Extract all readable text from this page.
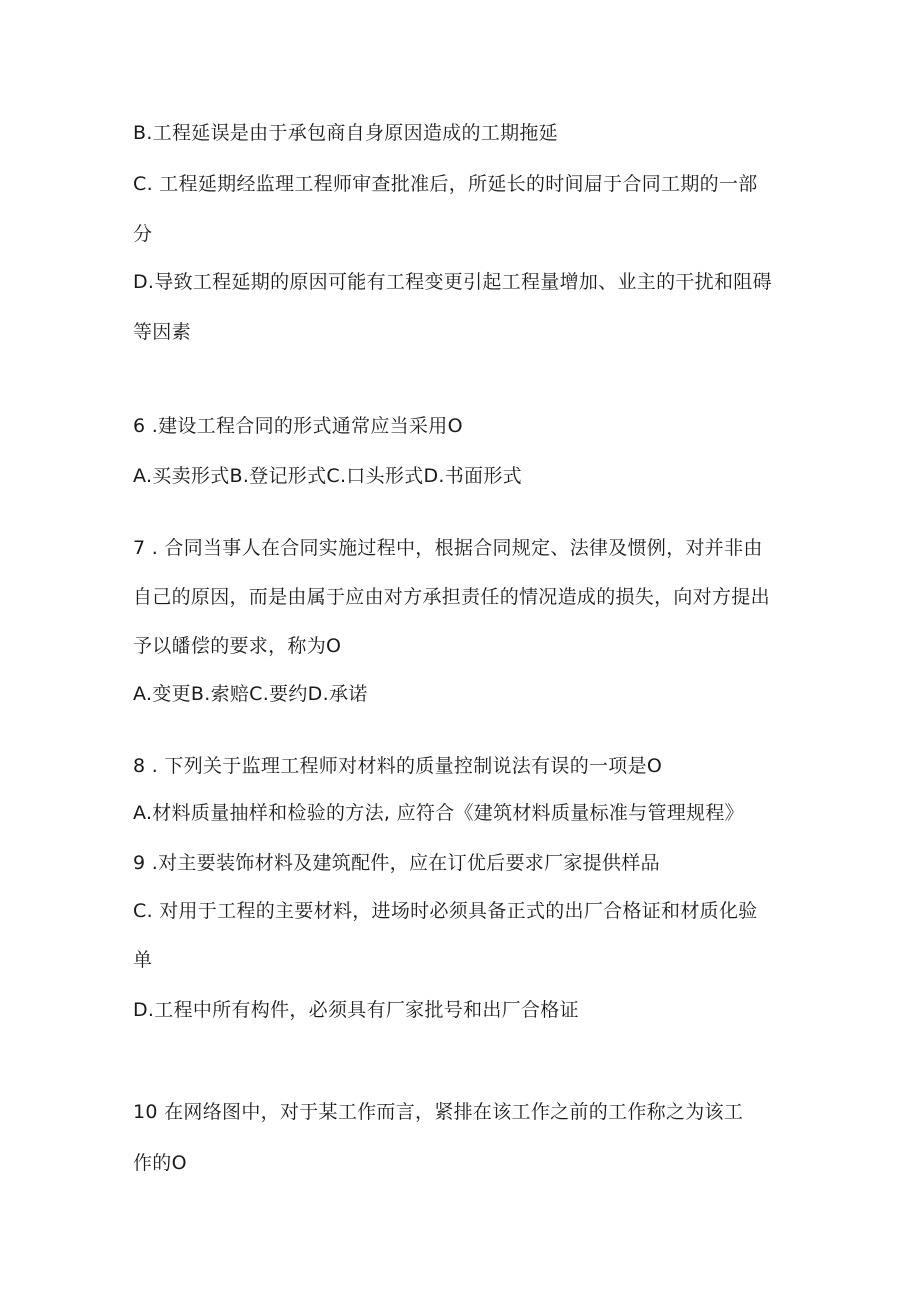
B.工程延误是由于承包商自身原因造成的工期拖延
C. 工程延期经监理工程师审查批准后，所延长的时间屇于合同工期的一部
分
D.导致工程延期的原因可能有工程变更引起工程量增加、业主的干扰和阻碍
等因素
6 .建设工程合同的形式通常应当采用O
A.买卖形式B.登记形式C.口头形式D.书面形式
7 . 合同当事人在合同实施过程中，根据合同规定、法律及惯例，对并非由
自己的原因，而是由属于应由对方承担责任的情况造成的损失，向对方提出
予以皤偿的要求，称为O
A.变更B.索赔C.要约D.承诺
8 . 下列关于监理工程师对材料的质量控制说法有误的一项是O
A.材料质量抽样和检验的方法, 应符合《建筑材料质量标准与管理规程》
9 .对主要装饰材料及建筑配件，应在订优后要求厂家提供样品
C. 对用于工程的主要材料，进场时必须具备正式的出厂合格证和材质化验
单
D.工程中所有构件，必须具有厂家批号和出厂合格证
10 在网络图中，对于某工作而言，紧排在该工作之前的工作称之为该工
作的O
